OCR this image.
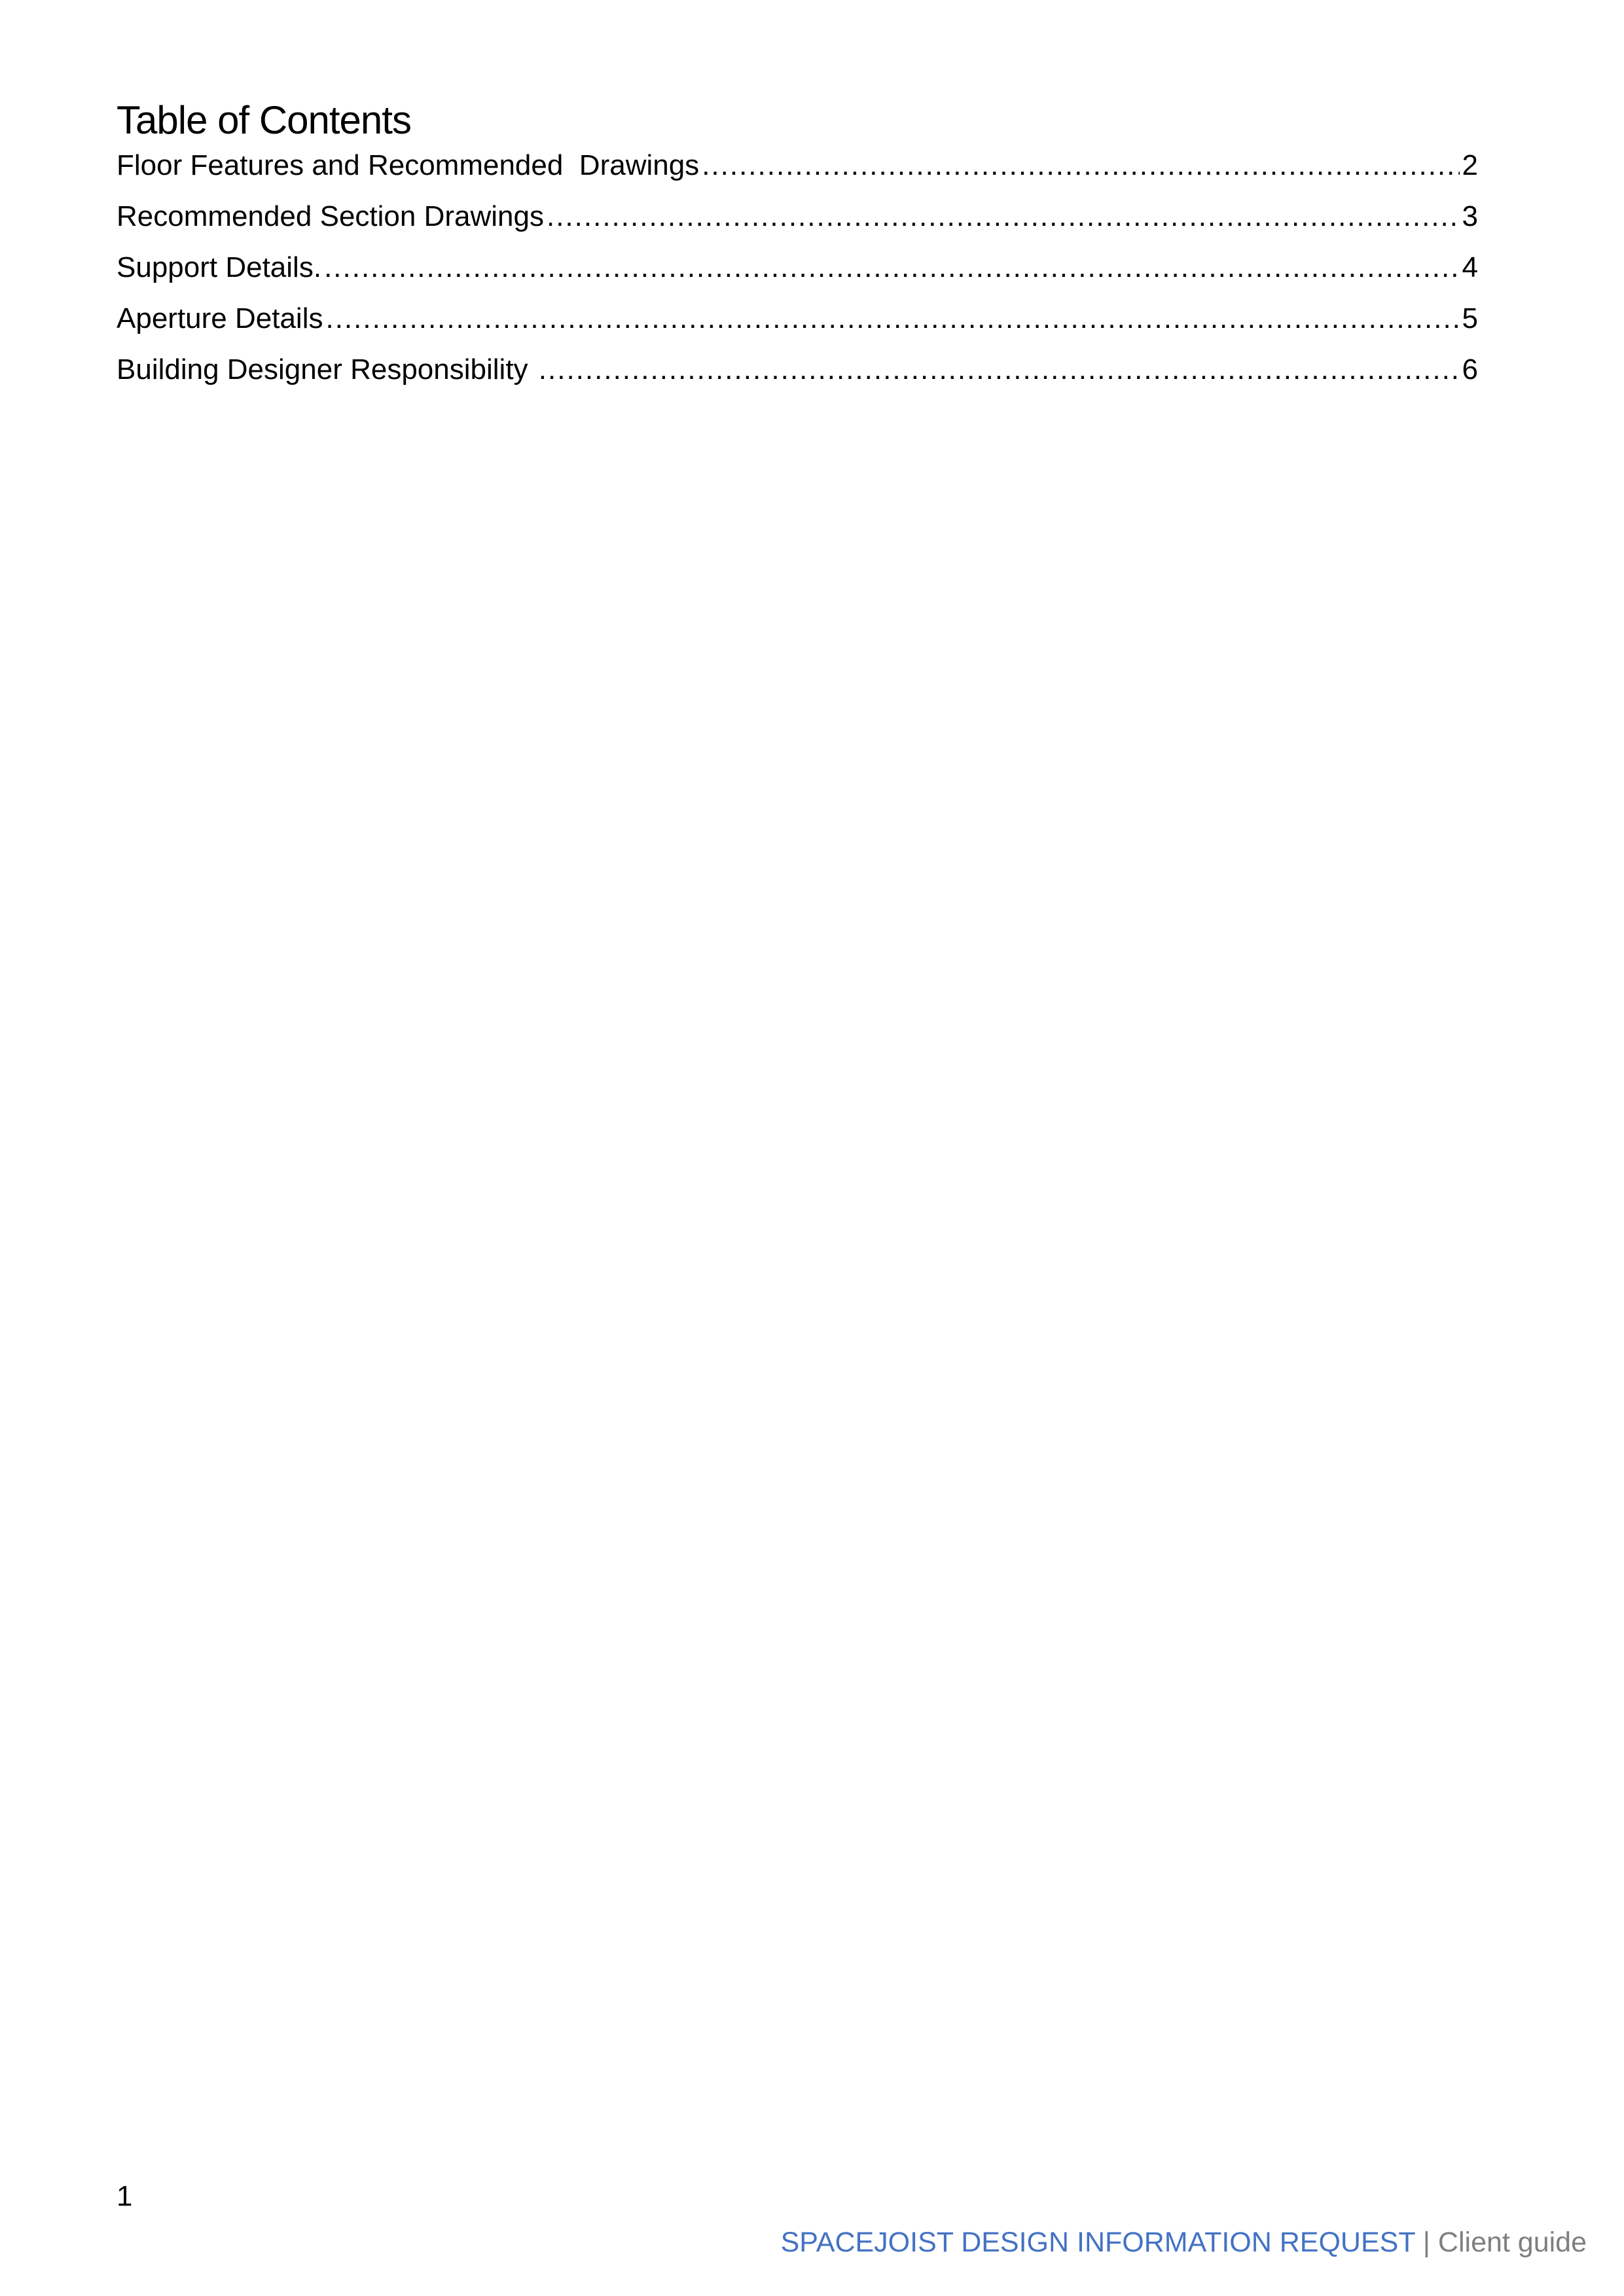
Table of Contents
Floor Features and Recommended  Drawings .....	2
Recommended Section Drawings .....	3
Support Details. .....	4
Aperture Details .....	5
Building Designer Responsibility .....	6
1
SPACEJOIST DESIGN INFORMATION REQUEST | Client guide
